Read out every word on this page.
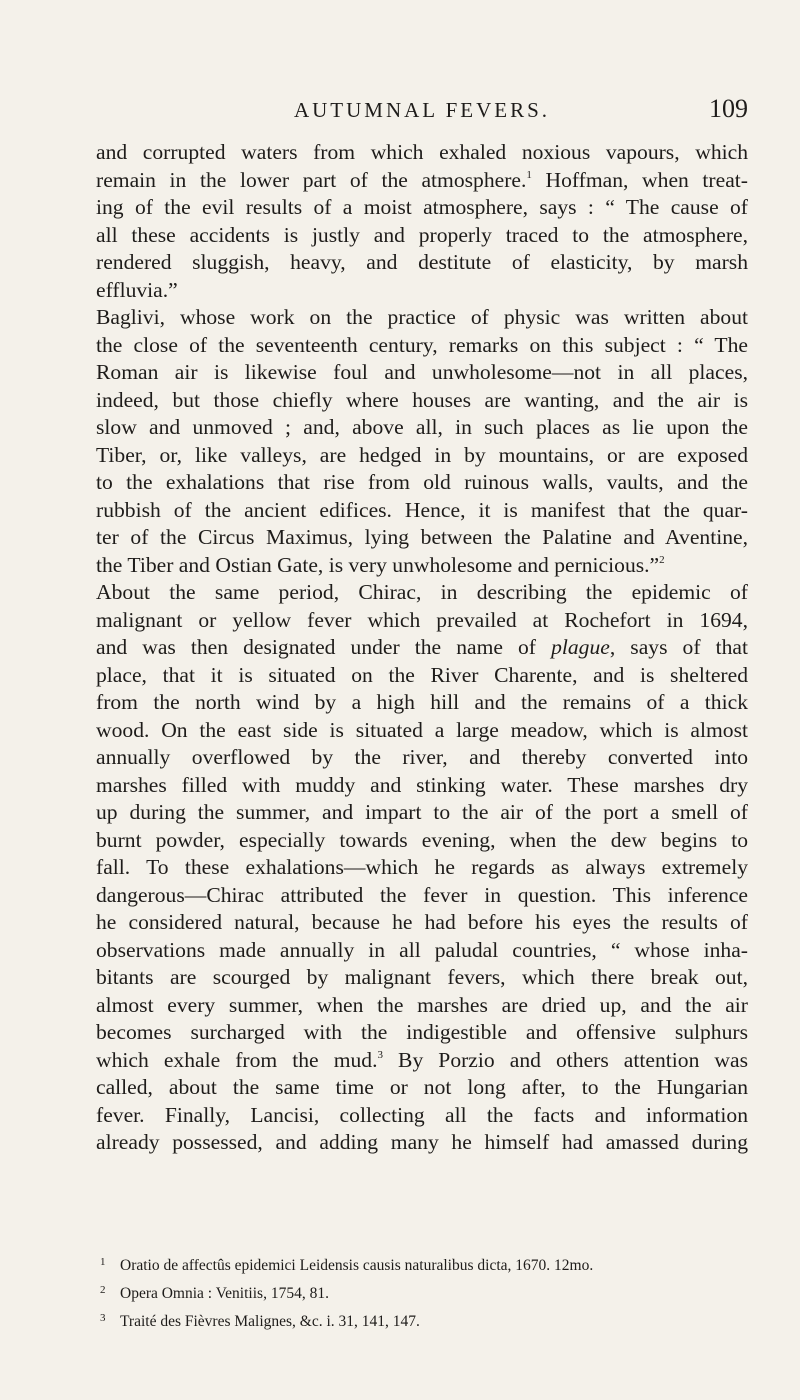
AUTUMNAL FEVERS.	109
and corrupted waters from which exhaled noxious vapours, which
remain in the lower part of the atmosphere.$^1$ Hoffman, when treat-
ing of the evil results of a moist atmosphere, says : “ The cause of
all these accidents is justly and properly traced to the atmosphere,
rendered sluggish, heavy, and destitute of elasticity, by marsh
effluvia.”
Baglivi, whose work on the practice of physic was written about
the close of the seventeenth century, remarks on this subject : “ The
Roman air is likewise foul and unwholesome—not in all places,
indeed, but those chiefly where houses are wanting, and the air is
slow and unmoved ; and, above all, in such places as lie upon the
Tiber, or, like valleys, are hedged in by mountains, or are exposed
to the exhalations that rise from old ruinous walls, vaults, and the
rubbish of the ancient edifices. Hence, it is manifest that the quar-
ter of the Circus Maximus, lying between the Palatine and Aventine,
the Tiber and Ostian Gate, is very unwholesome and pernicious.”$^2$
About the same period, Chirac, in describing the epidemic of
malignant or yellow fever which prevailed at Rochefort in 1694,
and was then designated under the name of plague, says of that
place, that it is situated on the River Charente, and is sheltered
from the north wind by a high hill and the remains of a thick
wood. On the east side is situated a large meadow, which is almost
annually overflowed by the river, and thereby converted into
marshes filled with muddy and stinking water. These marshes dry
up during the summer, and impart to the air of the port a smell of
burnt powder, especially towards evening, when the dew begins to
fall. To these exhalations—which he regards as always extremely
dangerous—Chirac attributed the fever in question. This inference
he considered natural, because he had before his eyes the results of
observations made annually in all paludal countries, “ whose inha-
bitants are scourged by malignant fevers, which there break out,
almost every summer, when the marshes are dried up, and the air
becomes surcharged with the indigestible and offensive sulphurs
which exhale from the mud.$^3$ By Porzio and others attention was
called, about the same time or not long after, to the Hungarian
fever. Finally, Lancisi, collecting all the facts and information
already possessed, and adding many he himself had amassed during
1 Oratio de affectûs epidemici Leidensis causis naturalibus dicta, 1670. 12mo.
2 Opera Omnia : Venitiis, 1754, 81.
3 Traité des Fièvres Malignes, &c. i. 31, 141, 147.
